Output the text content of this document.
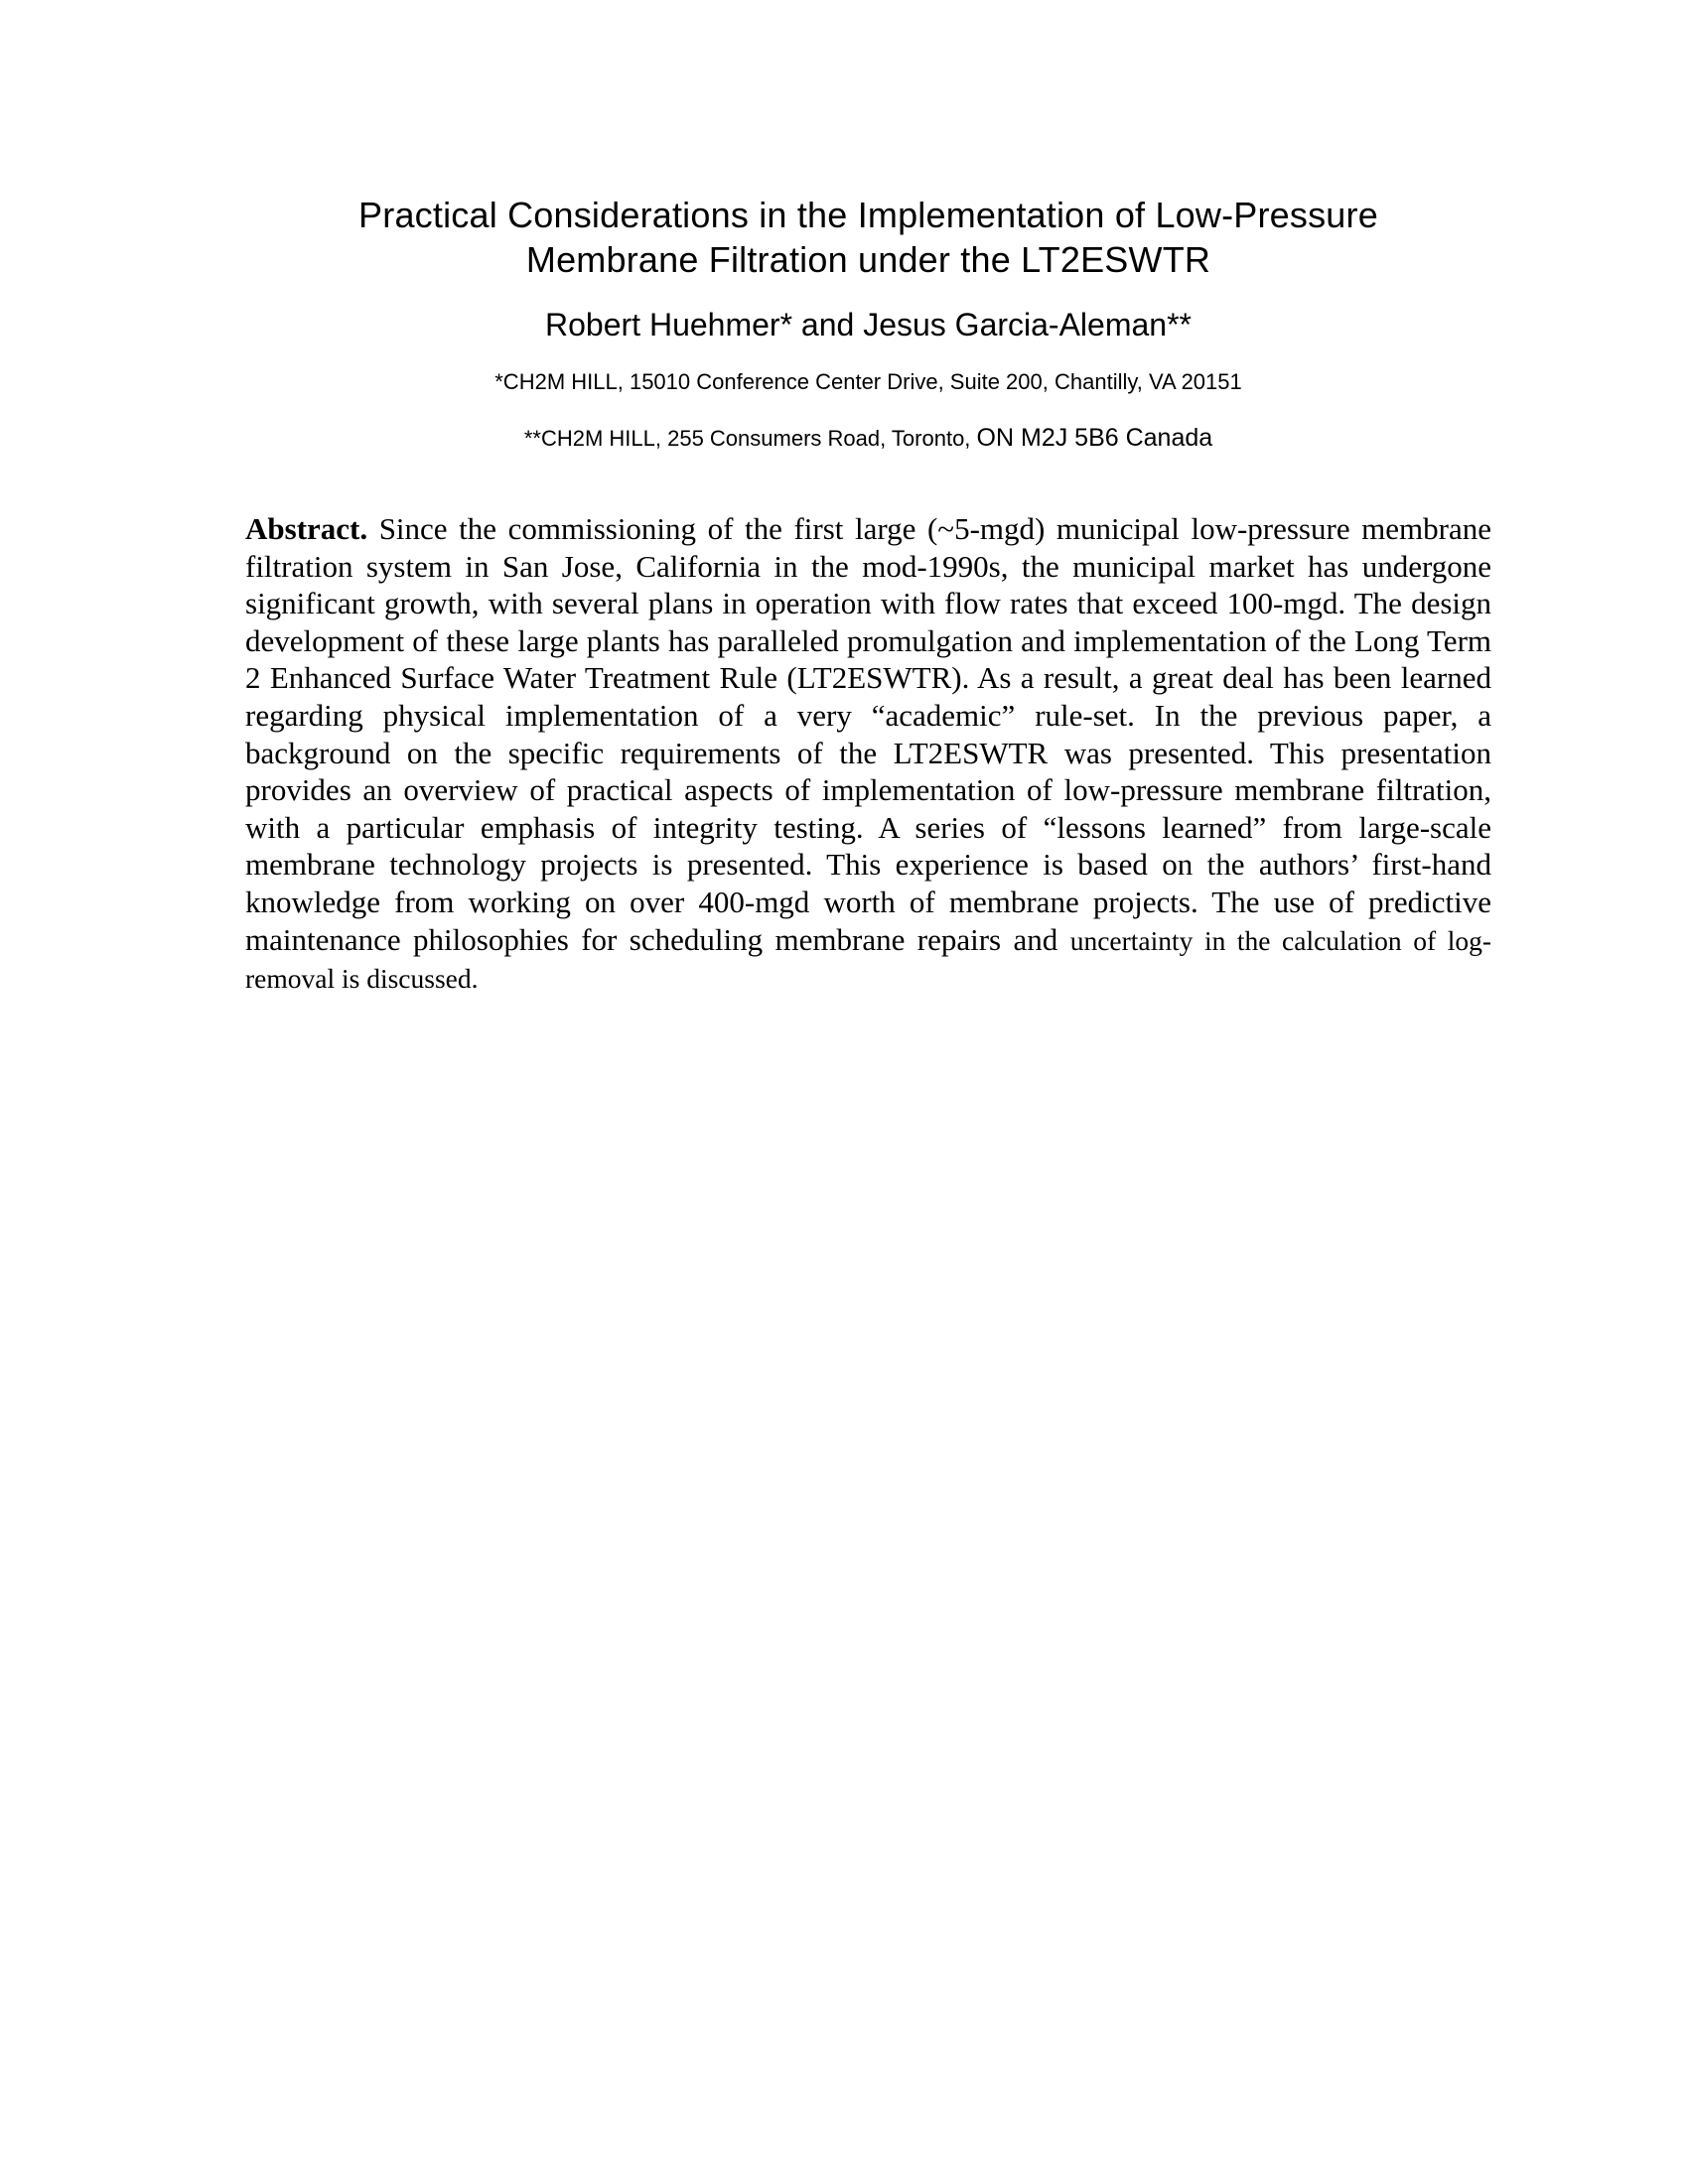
Practical Considerations in the Implementation of Low-Pressure
Membrane Filtration under the LT2ESWTR
Robert Huehmer* and Jesus Garcia-Aleman**
*CH2M HILL, 15010 Conference Center Drive, Suite 200, Chantilly, VA 20151
**CH2M HILL, 255 Consumers Road, Toronto, ON M2J 5B6 Canada

Abstract. Since the commissioning of the first large (~5-mgd) municipal low-pressure membrane filtration system in San Jose, California in the mod-1990s, the municipal market has undergone significant growth, with several plans in operation with flow rates that exceed 100-mgd. The design development of these large plants has paralleled promulgation and implementation of the Long Term 2 Enhanced Surface Water Treatment Rule (LT2ESWTR). As a result, a great deal has been learned regarding physical implementation of a very “academic” rule-set. In the previous paper, a background on the specific requirements of the LT2ESWTR was presented. This presentation provides an overview of practical aspects of implementation of low-pressure membrane filtration, with a particular emphasis of integrity testing. A series of “lessons learned” from large-scale membrane technology projects is presented. This experience is based on the authors’ first-hand knowledge from working on over 400-mgd worth of membrane projects. The use of predictive maintenance philosophies for scheduling membrane repairs and uncertainty in the calculation of log-removal is discussed.
